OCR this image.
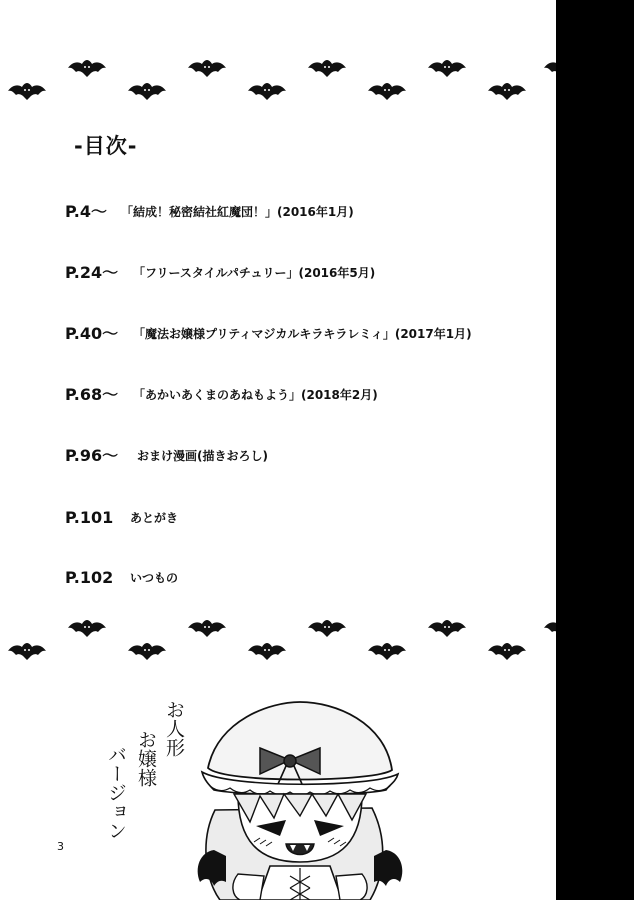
-目次-
P.4～ 「結成！秘密結社紅魔団！」(2016年1月)
P.24～ 「フリースタイルパチュリー」(2016年5月)
P.40～ 「魔法お嬢様プリティマジカルキラキラレミィ」(2017年1月)
P.68～ 「あかいあくまのあねもよう」(2018年2月)
P.96～ おまけ漫画(描きおろし)
P.101 あとがき
P.102 いつもの
お人形
お嬢様
バージョン
3
